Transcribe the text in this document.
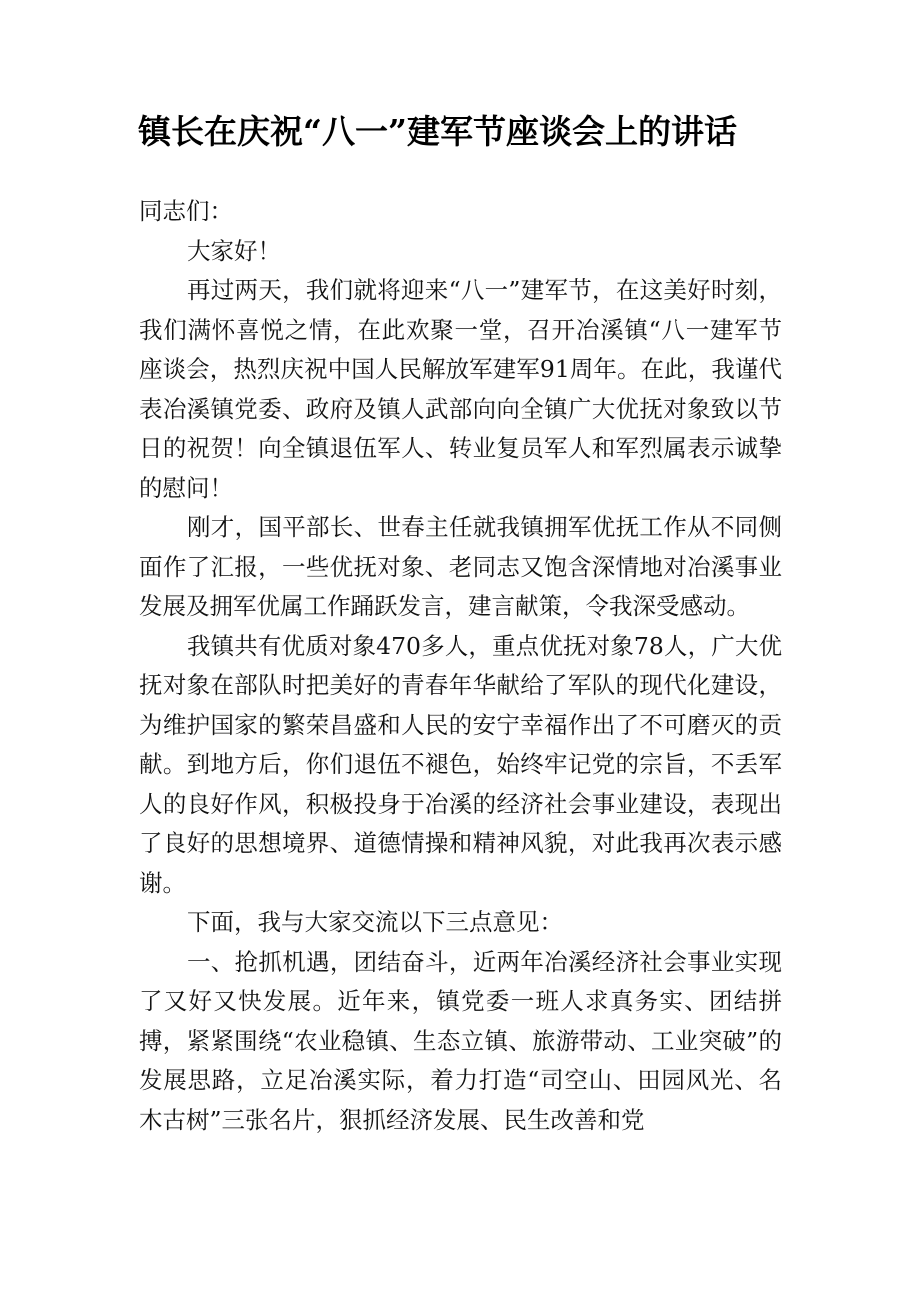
镇长在庆祝“八一”建军节座谈会上的讲话

同志们：

大家好！

再过两天，我们就将迎来“八一”建军节，在这美好时刻，我们满怀喜悦之情，在此欢聚一堂，召开冶溪镇“八一建军节座谈会，热烈庆祝中国人民解放军建军91周年。在此，我谨代表冶溪镇党委、政府及镇人武部向向全镇广大优抚对象致以节日的祝贺！向全镇退伍军人、转业复员军人和军烈属表示诚挚的慰问！

刚才，国平部长、世春主任就我镇拥军优抚工作从不同侧面作了汇报，一些优抚对象、老同志又饱含深情地对冶溪事业发展及拥军优属工作踊跃发言，建言献策，令我深受感动。

我镇共有优质对象470多人，重点优抚对象78人，广大优抚对象在部队时把美好的青春年华献给了军队的现代化建设，为维护国家的繁荣昌盛和人民的安宁幸福作出了不可磨灭的贡献。到地方后，你们退伍不褪色，始终牢记党的宗旨，不丢军人的良好作风，积极投身于冶溪的经济社会事业建设，表现出了良好的思想境界、道德情操和精神风貌，对此我再次表示感谢。

下面，我与大家交流以下三点意见：

一、抢抓机遇，团结奋斗，近两年冶溪经济社会事业实现了又好又快发展。近年来，镇党委一班人求真务实、团结拼搏，紧紧围绕“农业稳镇、生态立镇、旅游带动、工业突破”的发展思路，立足冶溪实际，着力打造“司空山、田园风光、名木古树”三张名片，狠抓经济发展、民生改善和党
